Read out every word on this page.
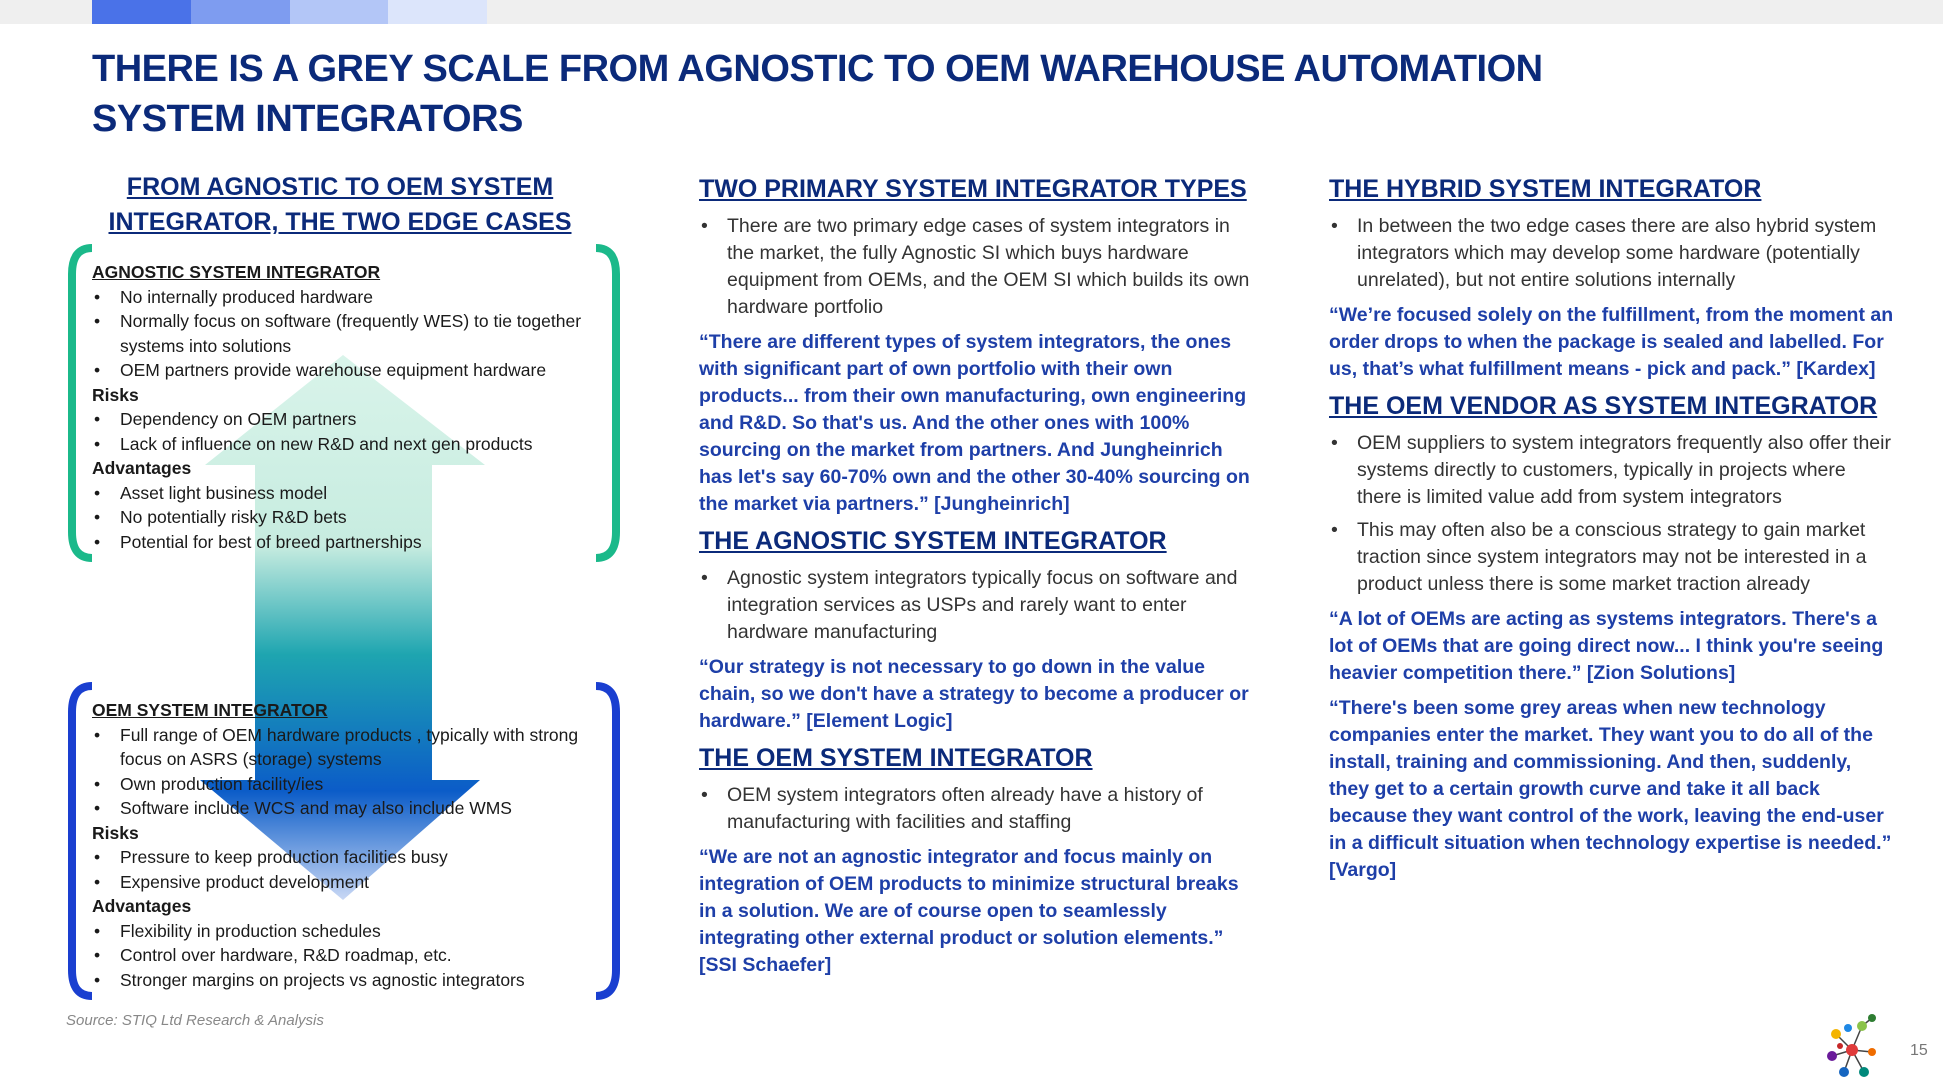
THERE IS A GREY SCALE FROM AGNOSTIC TO OEM WAREHOUSE AUTOMATION SYSTEM INTEGRATORS
FROM AGNOSTIC TO OEM SYSTEM INTEGRATOR, THE TWO EDGE CASES
AGNOSTIC SYSTEM INTEGRATOR
• No internally produced hardware
• Normally focus on software (frequently WES) to tie together systems into solutions
• OEM partners provide warehouse equipment hardware
Risks
• Dependency on OEM partners
• Lack of influence on new R&D and next gen products
Advantages
• Asset light business model
• No potentially risky R&D bets
• Potential for best of breed partnerships
OEM SYSTEM INTEGRATOR
• Full range of OEM hardware products , typically with strong focus on ASRS (storage) systems
• Own production facility/ies
• Software include WCS and may also include WMS
Risks
• Pressure to keep production facilities busy
• Expensive product development
Advantages
• Flexibility in production schedules
• Control over hardware, R&D roadmap, etc.
• Stronger margins on projects vs agnostic integrators
Source: STIQ Ltd Research & Analysis
TWO PRIMARY SYSTEM INTEGRATOR TYPES
• There are two primary edge cases of system integrators in the market, the fully Agnostic SI which buys hardware equipment from OEMs, and the OEM SI which builds its own hardware portfolio
“There are different types of system integrators, the ones with significant part of own portfolio with their own products... from their own manufacturing, own engineering and R&D. So that's us. And the other ones with 100% sourcing on the market from partners. And Jungheinrich has let's say 60-70% own and the other 30-40% sourcing on the market via partners.” [Jungheinrich]
THE AGNOSTIC SYSTEM INTEGRATOR
• Agnostic system integrators typically focus on software and integration services as USPs and rarely want to enter hardware manufacturing
“Our strategy is not necessary to go down in the value chain, so we don't have a strategy to become a producer or hardware.” [Element Logic]
THE OEM SYSTEM INTEGRATOR
• OEM system integrators often already have a history of manufacturing with facilities and staffing
“We are not an agnostic integrator and focus mainly on integration of OEM products to minimize structural breaks in a solution. We are of course open to seamlessly integrating other external product or solution elements.” [SSI Schaefer]
THE HYBRID SYSTEM INTEGRATOR
• In between the two edge cases there are also hybrid system integrators which may develop some hardware (potentially unrelated), but not entire solutions internally
“We’re focused solely on the fulfillment, from the moment an order drops to when the package is sealed and labelled. For us, that’s what fulfillment means - pick and pack.” [Kardex]
THE OEM VENDOR AS SYSTEM INTEGRATOR
• OEM suppliers to system integrators frequently also offer their systems directly to customers, typically in projects where there is limited value add from system integrators
• This may often also be a conscious strategy to gain market traction since system integrators may not be interested in a product unless there is some market traction already
“A lot of OEMs are acting as systems integrators. There's a lot of OEMs that are going direct now... I think you're seeing heavier competition there.” [Zion Solutions]
“There's been some grey areas when new technology companies enter the market. They want you to do all of the install, training and commissioning. And then, suddenly, they get to a certain growth curve and take it all back because they want control of the work, leaving the end-user in a difficult situation when technology expertise is needed.” [Vargo]
15
